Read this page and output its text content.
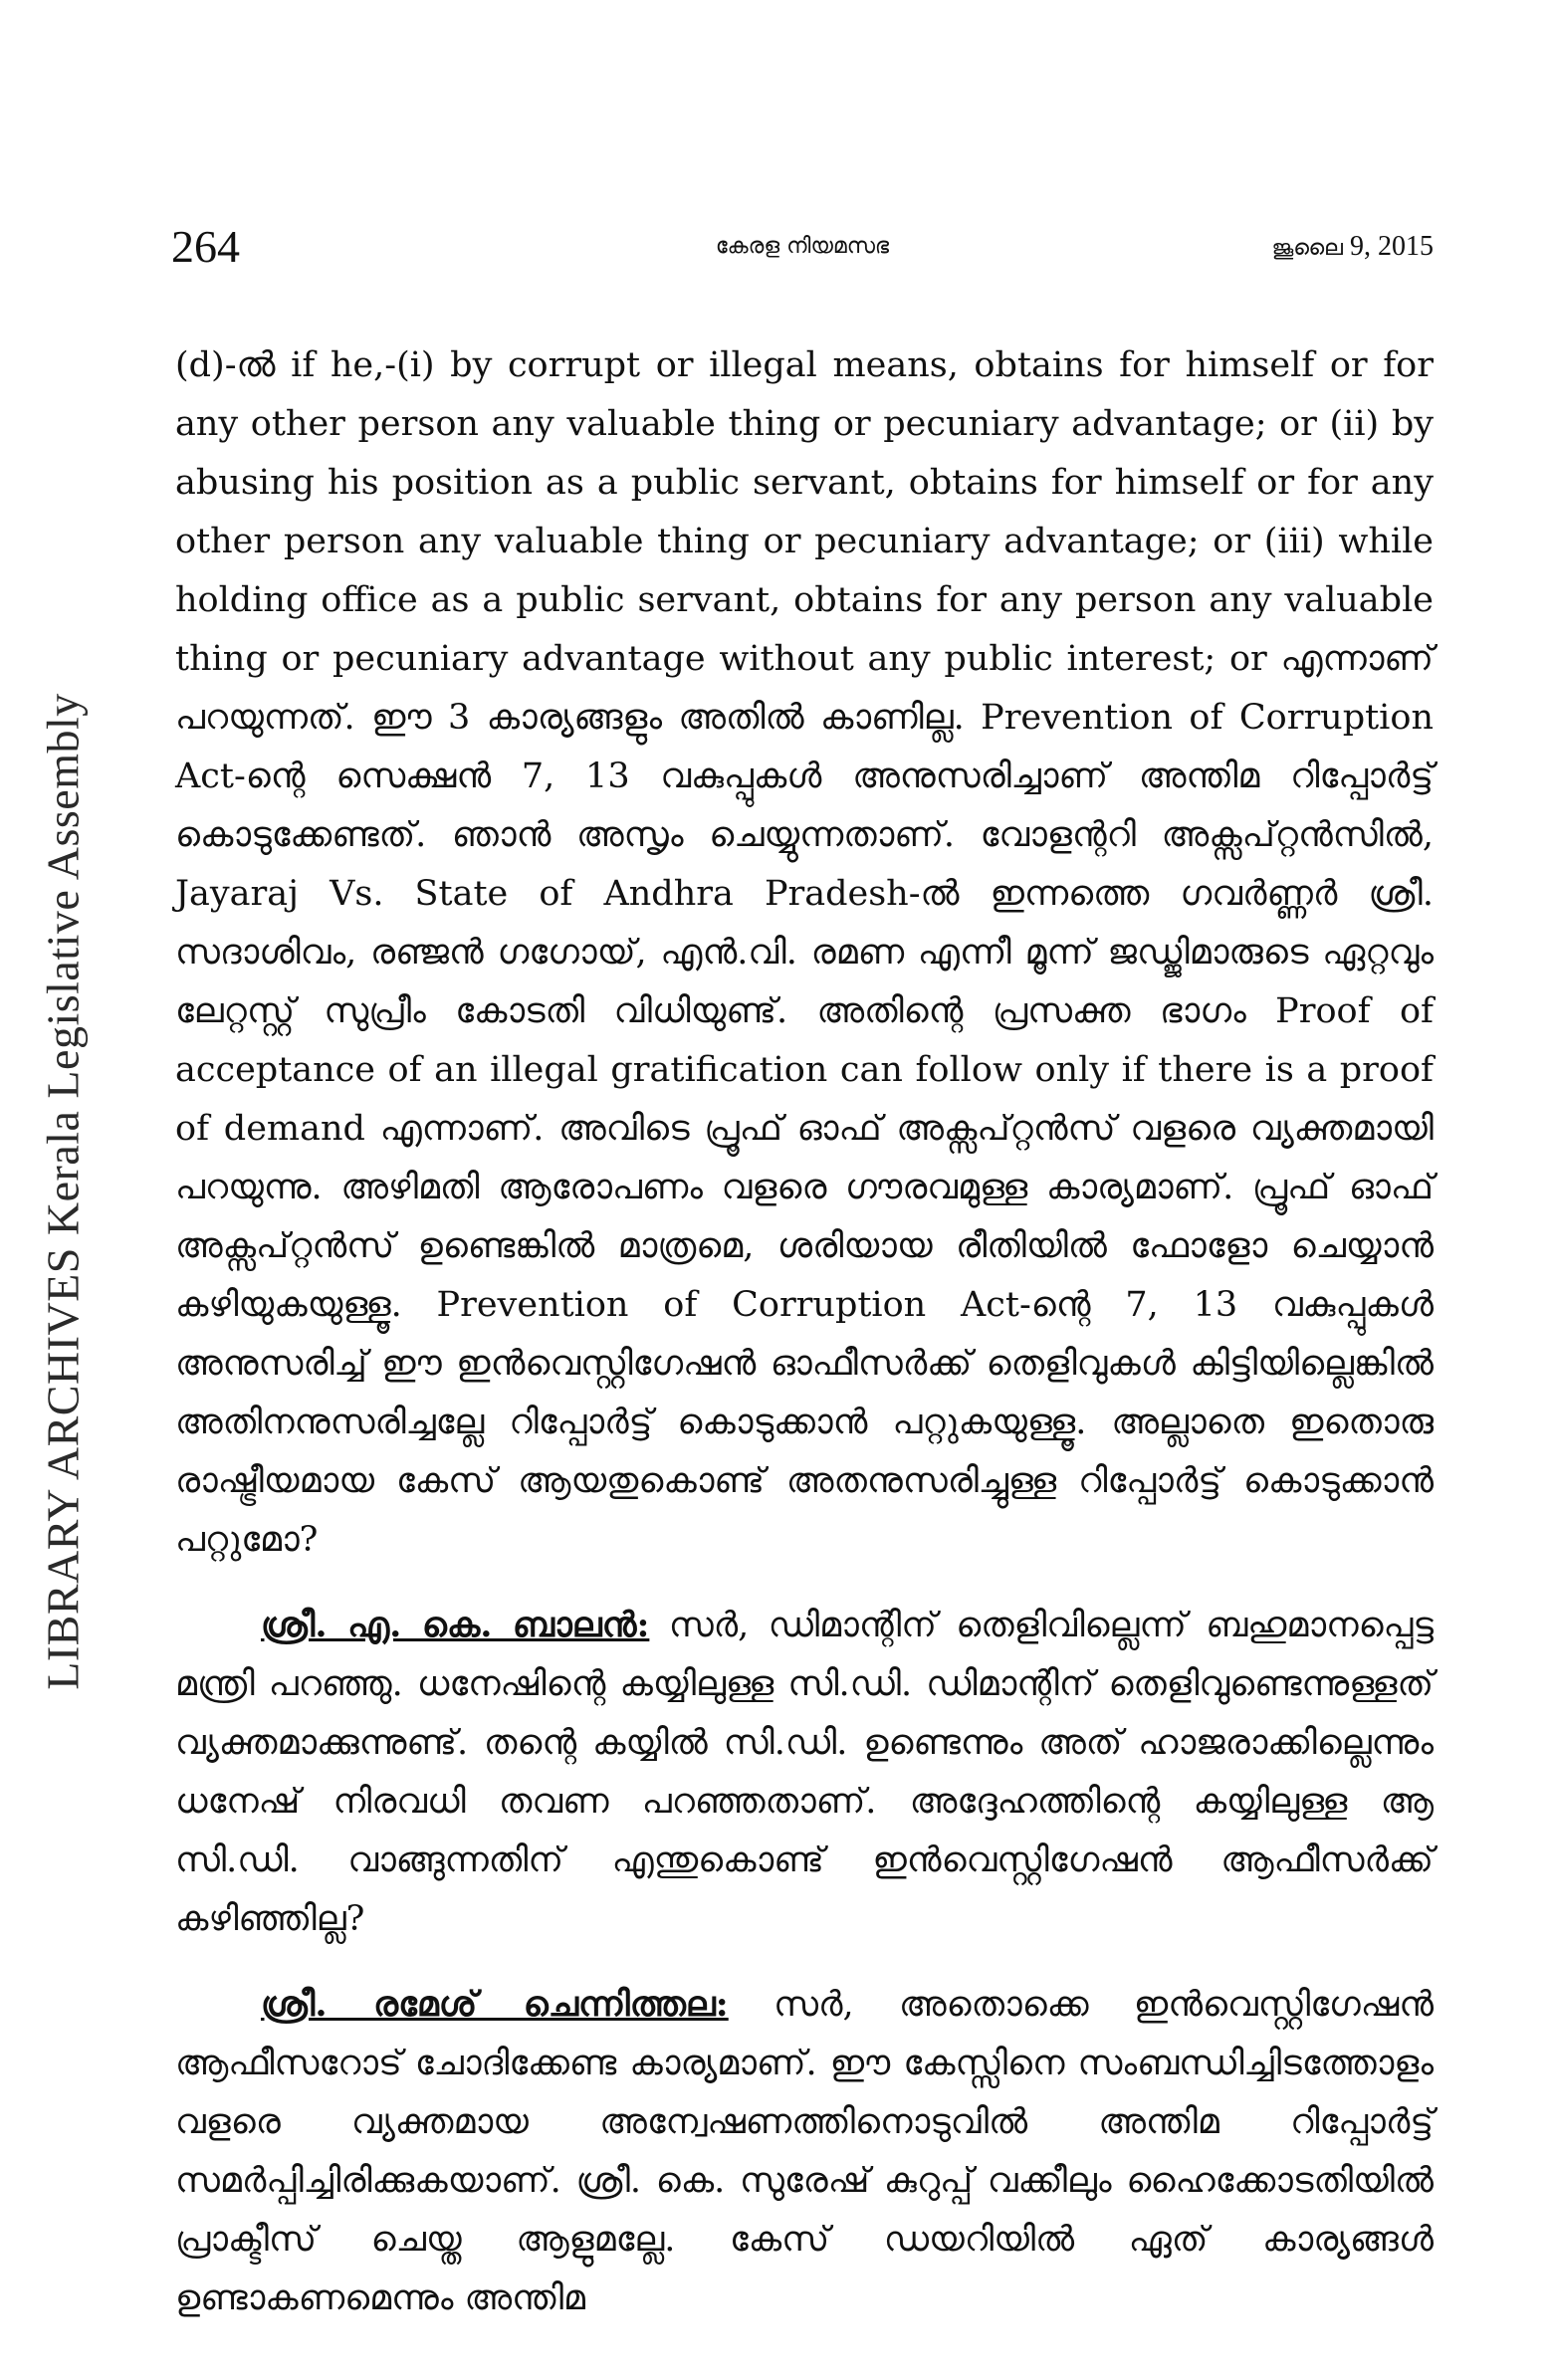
264	കേരള നിയമസഭ	ജൂലൈ 9, 2015
LIBRARY ARCHIVES Kerala Legislative Assembly

(d)-ൽ if he,-(i) by corrupt or illegal means, obtains for himself or for any other person any valuable thing or pecuniary advantage; or (ii) by abusing his position as a public servant, obtains for himself or for any other person any valuable thing or pecuniary advantage; or (iii) while holding office as a public servant, obtains for any person any valuable thing or pecuniary advantage without any public interest; or എന്നാണ് പറയുന്നത്. ഈ 3 കാര്യങ്ങളും അതിൽ കാണില്ല. Prevention of Corruption Act-ന്റെ സെക്ഷൻ 7, 13 വകുപ്പുകൾ അനുസരിച്ചാണ് അന്തിമ റിപ്പോർട്ട് കൊടുക്കേണ്ടത്. ഞാൻ അസൃം ചെയ്യുന്നതാണ്. വോളന്ററി അക്സപ്റ്റൻസിൽ, Jayaraj Vs. State of Andhra Pradesh-ൽ ഇന്നത്തെ ഗവർണ്ണർ ശ്രീ. സദാശിവം, രഞ്ജൻ ഗഗോയ്, എൻ.വി. രമണ എന്നീ മൂന്ന് ജഡ്ജിമാരുടെ ഏറ്റവും ലേറ്റസ്റ്റ് സുപ്രീം കോടതി വിധിയുണ്ട്. അതിന്റെ പ്രസക്ത ഭാഗം Proof of acceptance of an illegal gratification can follow only if there is a proof of demand എന്നാണ്. അവിടെ പ്രൂഫ് ഓഫ് അക്സപ്റ്റൻസ് വളരെ വ്യക്തമായി പറയുന്നു. അഴിമതി ആരോപണം വളരെ ഗൗരവമുള്ള കാര്യമാണ്. പ്രൂഫ് ഓഫ് അക്സപ്റ്റൻസ് ഉണ്ടെങ്കിൽ മാത്രമെ, ശരിയായ രീതിയിൽ ഫോളോ ചെയ്യാൻ കഴിയുകയുള്ളൂ. Prevention of Corruption Act-ന്റെ 7, 13 വകുപ്പുകൾ അനുസരിച്ച് ഈ ഇൻവെസ്റ്റിഗേഷൻ ഓഫീസർക്ക് തെളിവുകൾ കിട്ടിയില്ലെങ്കിൽ അതിനനുസരിച്ചല്ലേ റിപ്പോർട്ട് കൊടുക്കാൻ പറ്റുകയുള്ളൂ. അല്ലാതെ ഇതൊരു രാഷ്ട്രീയമായ കേസ് ആയതുകൊണ്ട് അതനുസരിച്ചുള്ള റിപ്പോർട്ട് കൊടുക്കാൻ പറ്റുമോ?

ശ്രീ. എ. കെ. ബാലൻ: സർ, ഡിമാന്റിന് തെളിവില്ലെന്ന് ബഹുമാനപ്പെട്ട മന്ത്രി പറഞ്ഞു. ധനേഷിന്റെ കയ്യിലുള്ള സി.ഡി. ഡിമാന്റിന് തെളിവുണ്ടെന്നുള്ളത് വ്യക്തമാക്കുന്നുണ്ട്. തന്റെ കയ്യിൽ സി.ഡി. ഉണ്ടെന്നും അത് ഹാജരാക്കില്ലെന്നും ധനേഷ് നിരവധി തവണ പറഞ്ഞതാണ്. അദ്ദേഹത്തിന്റെ കയ്യിലുള്ള ആ സി.ഡി. വാങ്ങുന്നതിന് എന്തുകൊണ്ട് ഇൻവെസ്റ്റിഗേഷൻ ആഫീസർക്ക് കഴിഞ്ഞില്ല?

ശ്രീ. രമേശ് ചെന്നിത്തല: സർ, അതൊക്കെ ഇൻവെസ്റ്റിഗേഷൻ ആഫീസറോട് ചോദിക്കേണ്ട കാര്യമാണ്. ഈ കേസ്സിനെ സംബന്ധിച്ചിടത്തോളം വളരെ വ്യക്തമായ അന്വേഷണത്തിനൊടുവിൽ അന്തിമ റിപ്പോർട്ട് സമർപ്പിച്ചിരിക്കുകയാണ്. ശ്രീ. കെ. സുരേഷ് കുറുപ്പ് വക്കീലും ഹൈക്കോടതിയിൽ പ്രാക്ടീസ് ചെയ്ത ആളുമല്ലേ. കേസ് ഡയറിയിൽ ഏത് കാര്യങ്ങൾ ഉണ്ടാകണമെന്നും അന്തിമ
